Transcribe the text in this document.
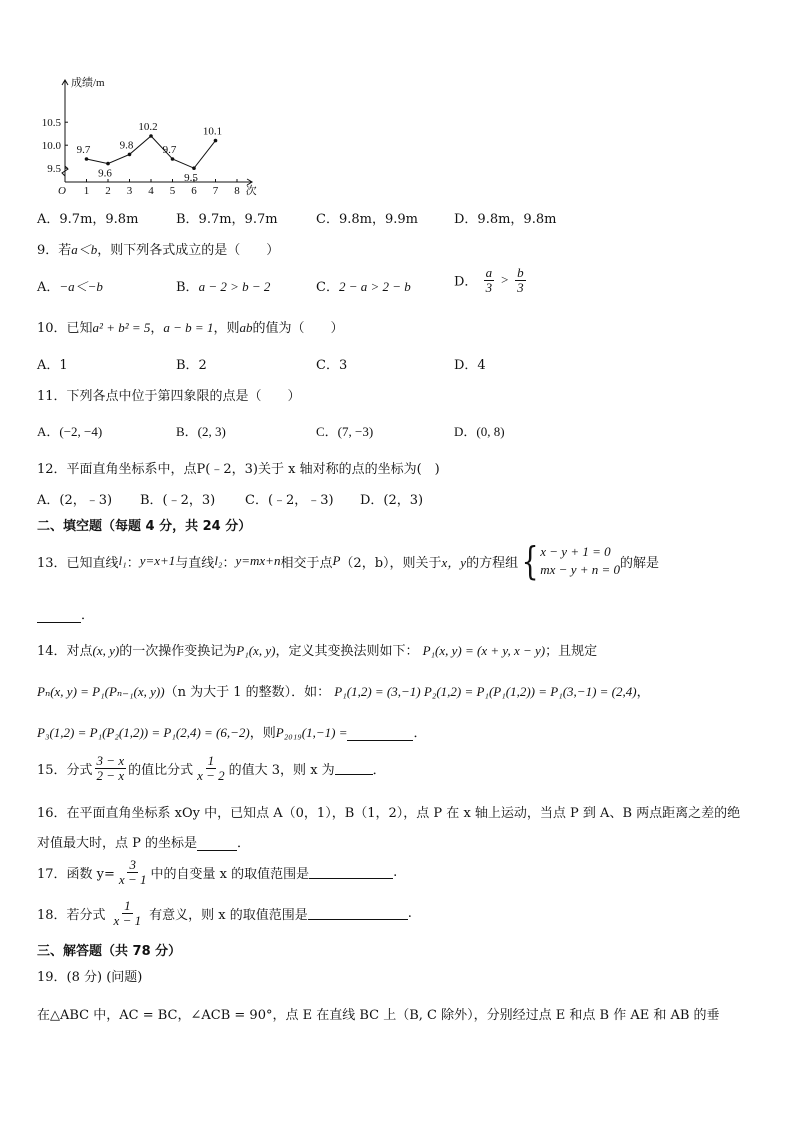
成绩/m
次
O 1 2 3 4 5 6 7 8
9.5
10.0
10.5
9.7
9.6
9.8
10.2
9.7
9.5
10.1
A．9.7m，9.8m	B．9.7m，9.7m	C．9.8m，9.9m	D．9.8m，9.8m
9．若a＜b，则下列各式成立的是（　　）
A．−a＜−b	B．a − 2 > b − 2	C．2 − a > 2 − b	D． $\frac{a}{3} > \frac{b}{3}$
10．已知a² + b² = 5，a − b = 1，则ab的值为（　　）
A．1	B．2	C．3	D．4
11．下列各点中位于第四象限的点是（　　）
A．(−2, −4)	B．(2, 3)	C．(7, −3)	D．(0, 8)
12．平面直角坐标系中，点P(﹣2，3)关于 x 轴对称的点的坐标为(　)
A．(2，﹣3) B．(﹣2，3) C．(﹣2，﹣3) D．(2，3)
二、填空题（每题 4 分，共 24 分）
13．已知直线 l₁ ： y=x+1 与直线 l₂ ： y=mx+n 相交于点 P （2，b），则关于 x，y 的方程组 { x − y + 1 = 0
mx − y + n = 0 的解是
．
14．对点(x, y)的一次操作变换记为P₁(x, y)，定义其变换法则如下： P₁(x, y) = (x + y, x − y)；且规定
Pₙ(x, y) = P₁(Pₙ₋₁(x, y))（n 为大于 1 的整数）．如： P₁(1,2) = (3,−1) P₂(1,2) = P₁(P₁(1,2)) = P₁(3,−1) = (2,4)，
P₃(1,2) = P₁(P₂(1,2)) = P₁(2,4) = (6,−2)，则P₂₀₁₉(1,−1) =	．
15．分式 $\frac{3 - x}{2 - x}$ 的值比分式 $\frac{1}{x - 2}$ 的值大 3，则 x 为	．
16．在平面直角坐标系 xOy 中，已知点 A（0，1），B（1，2），点 P 在 x 轴上运动，当点 P 到 A、B 两点距离之差的绝
对值最大时，点 P 的坐标是	．
17．函数 $y= \frac{3}{x - 1}$ 中的自变量 x 的取值范围是	.
18．若分式 $\frac{1}{x - 1}$ 有意义，则 x 的取值范围是	.
三、解答题（共 78 分）
19．(8 分) (问题)
在△ABC 中，AC = BC，∠ACB = 90°，点 E 在直线 BC 上（B, C 除外），分别经过点 E 和点 B 作 AE 和 AB 的垂
